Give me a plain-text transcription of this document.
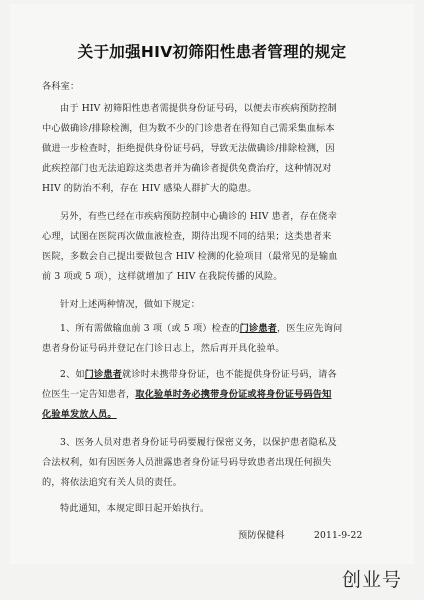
关于加强HIV初筛阳性患者管理的规定
各科室：
由于 HIV 初筛阳性患者需提供身份证号码，以便去市疾病预防控制
中心做确诊/排除检测，但为数不少的门诊患者在得知自己需采集血标本
做进一步检查时，拒绝提供身份证号码，导致无法做确诊/排除检测，因
此疾控部门也无法追踪这类患者并为确诊者提供免费治疗，这种情况对
HIV 的防治不利，存在 HIV 感染人群扩大的隐患。
另外，有些已经在市疾病预防控制中心确诊的 HIV 患者，存在侥幸
心理，试图在医院再次做血液检查，期待出现不同的结果；这类患者来
医院，多数会自己提出要做包含 HIV 检测的化验项目（最常见的是输血
前 3 项或 5 项），这样就增加了 HIV 在我院传播的风险。
针对上述两种情况，做如下规定：
1、所有需做输血前 3 项（或 5 项）检查的门诊患者，医生应先询问
患者身份证号码并登记在门诊日志上，然后再开具化验单。
2、如门诊患者就诊时未携带身份证，也不能提供身份证号码，请各
位医生一定告知患者，取化验单时务必携带身份证或将身份证号码告知
化验单发放人员。
3、医务人员对患者身份证号码要履行保密义务，以保护患者隐私及
合法权利，如有因医务人员泄露患者身份证号码导致患者出现任何损失
的，将依法追究有关人员的责任。
特此通知，本规定即日起开始执行。
预防保健科	2011-9-22
创业号
